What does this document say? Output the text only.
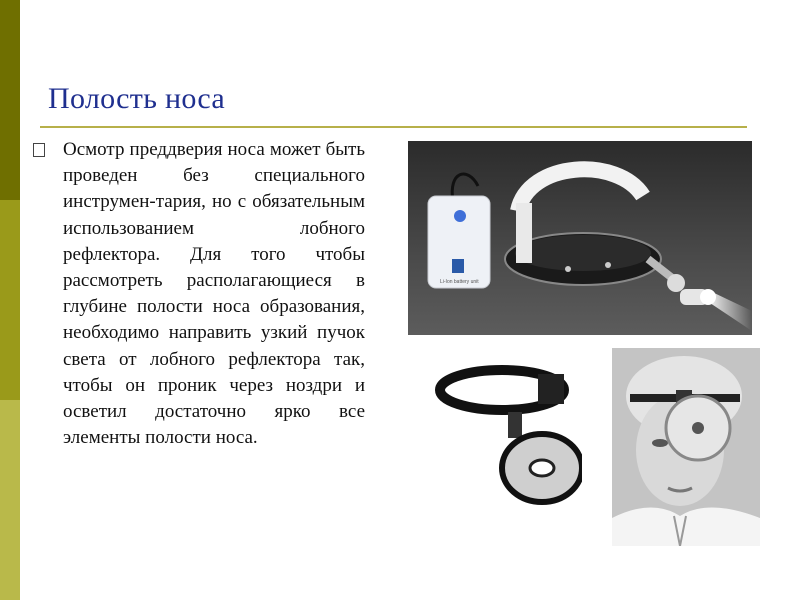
Полость носа
Осмотр преддверия носа может быть проведен без специального инструмен-тария, но с обязательным использованием лобного рефлектора. Для того чтобы рассмотреть располагающиеся в глубине полости носа образования, необходимо направить узкий пучок света от лобного рефлектора так, чтобы он проник через ноздри и осветил достаточно ярко все элементы полости носа.
Li-Ion battery unit
